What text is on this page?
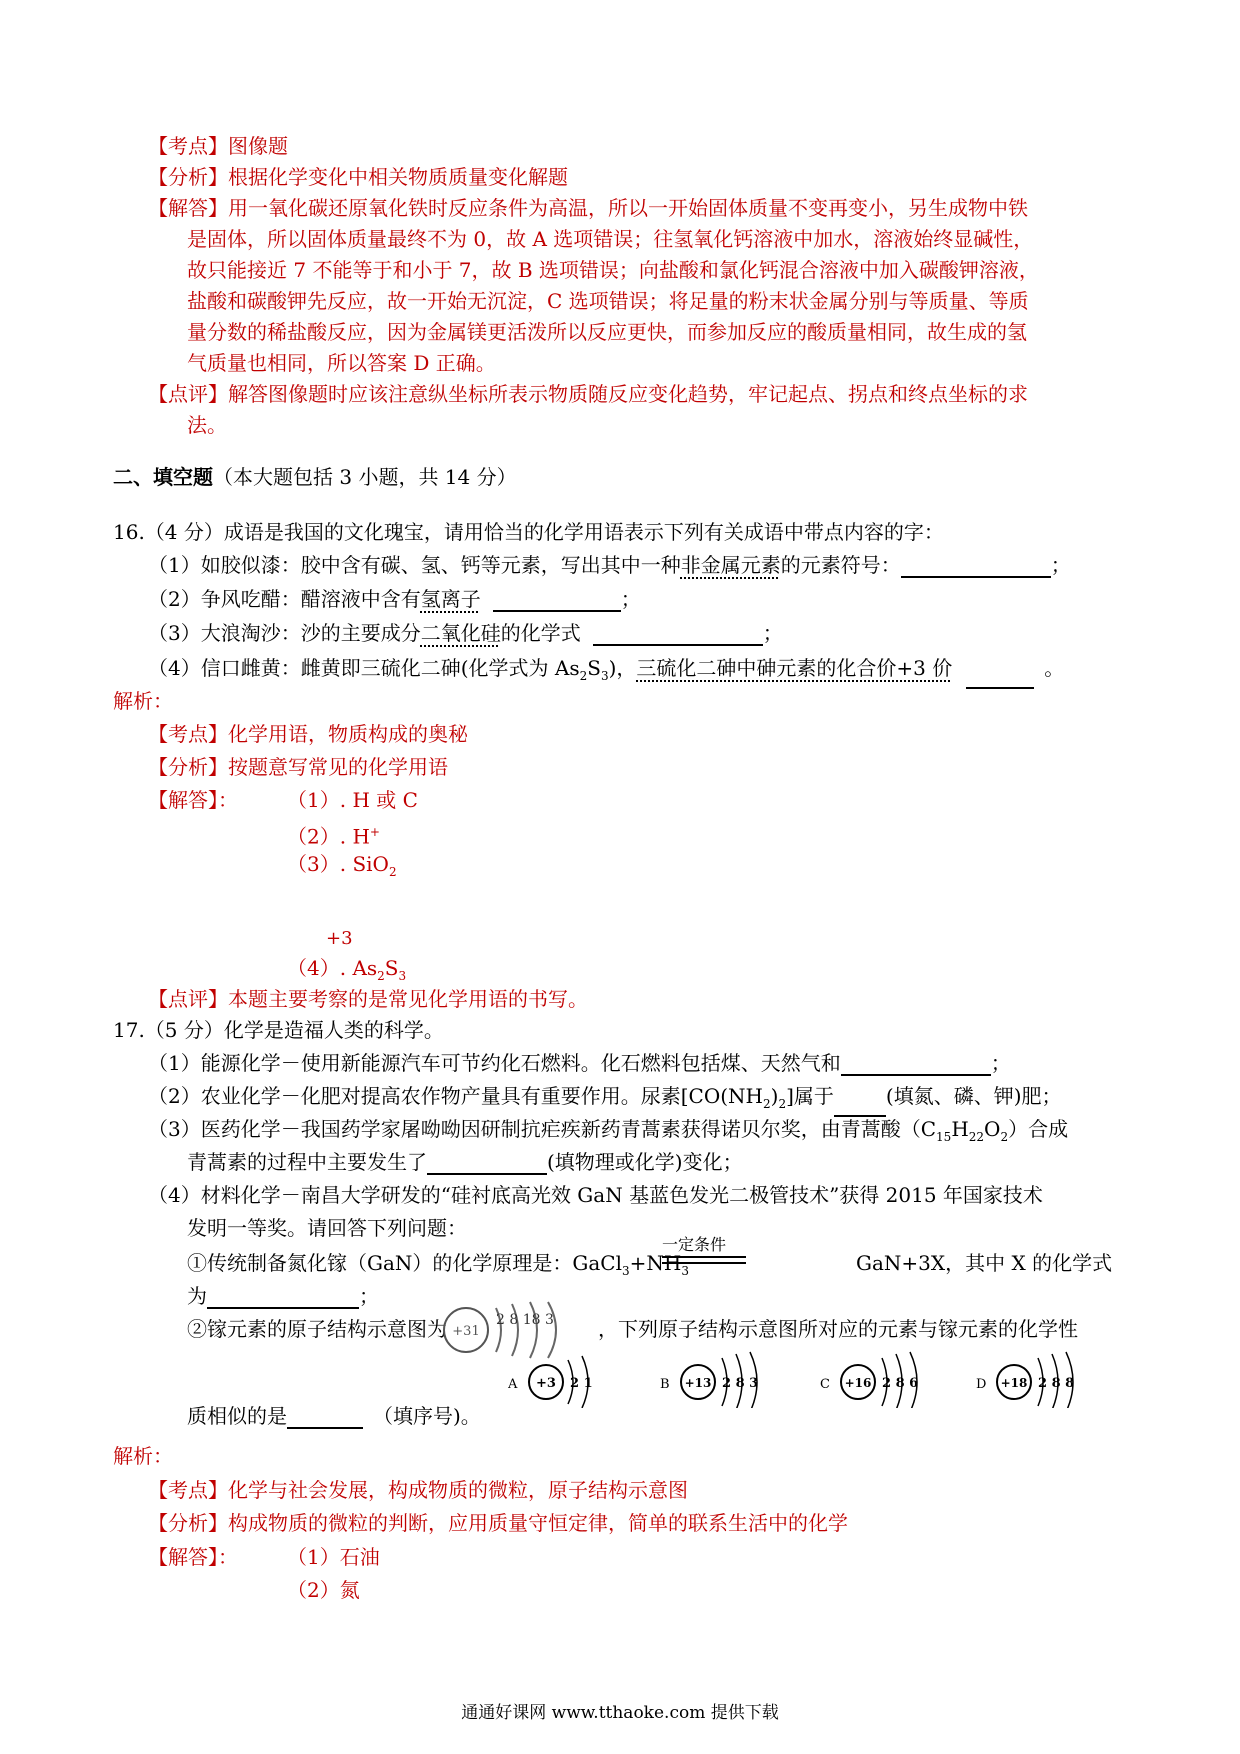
【考点】图像题
【分析】根据化学变化中相关物质质量变化解题
【解答】用一氧化碳还原氧化铁时反应条件为高温，所以一开始固体质量不变再变小，另生成物中铁
是固体，所以固体质量最终不为 0，故 A 选项错误；往氢氧化钙溶液中加水，溶液始终显碱性，
故只能接近 7 不能等于和小于 7，故 B 选项错误；向盐酸和氯化钙混合溶液中加入碳酸钾溶液，
盐酸和碳酸钾先反应，故一开始无沉淀，C 选项错误；将足量的粉末状金属分别与等质量、等质
量分数的稀盐酸反应，因为金属镁更活泼所以反应更快，而参加反应的酸质量相同，故生成的氢
气质量也相同，所以答案 D 正确。
【点评】解答图像题时应该注意纵坐标所表示物质随反应变化趋势，牢记起点、拐点和终点坐标的求
法。
二、填空题（本大题包括 3 小题，共 14 分）
16.（4 分）成语是我国的文化瑰宝，请用恰当的化学用语表示下列有关成语中带点内容的字：
（1）如胶似漆：胶中含有碳、氢、钙等元素，写出其中一种非金属元素的元素符号：	；
（2）争风吃醋：醋溶液中含有氢离子	；
（3）大浪淘沙：沙的主要成分二氧化硅的化学式	；
（4）信口雌黄：雌黄即三硫化二砷(化学式为 $As_2S_3$)，三硫化二砷中砷元素的化合价+3 价	。
解析：
【考点】化学用语，物质构成的奥秘
【分析】按题意写常见的化学用语
【解答】： （1）. H 或 C
（2）. H+
（3）. SiO$_2$
+3
（4）. $As_2S_3$
【点评】本题主要考察的是常见化学用语的书写。
17.（5 分）化学是造福人类的科学。
（1）能源化学－使用新能源汽车可节约化石燃料。化石燃料包括煤、天然气和	；
（2）农业化学－化肥对提高农作物产量具有重要作用。尿素$[CO(NH_2)_2]$属于	(填氮、磷、钾)肥；
（3）医药化学－我国药学家屠呦呦因研制抗疟疾新药青蒿素获得诺贝尔奖，由青蒿酸$(C_{15}H_{22}O_2)$合成
青蒿素的过程中主要发生了	(填物理或化学)变化；
（4）材料化学－南昌大学研发的“硅衬底高光效 GaN 基蓝色发光二极管技术”获得 2015 年国家技术
发明一等奖。请回答下列问题：
①传统制备氮化镓（GaN）的化学原理是：$GaCl_3+NH_3$
一定条件
GaN+3X，其中 X 的化学式
为	；
②镓元素的原子结构示意图为 +31
2 8 18 3 ，下列原子结构示意图所对应的元素与镓元素的化学性
A +3 2 1	B +13 2 8 3	C +16 2 8 6	D +18 2 8 8
质相似的是	（填序号)。
解析：
【考点】化学与社会发展，构成物质的微粒，原子结构示意图
【分析】构成物质的微粒的判断，应用质量守恒定律，简单的联系生活中的化学
【解答】： （1）石油
（2）氮
通通好课网 www.tthaoke.com 提供下载
